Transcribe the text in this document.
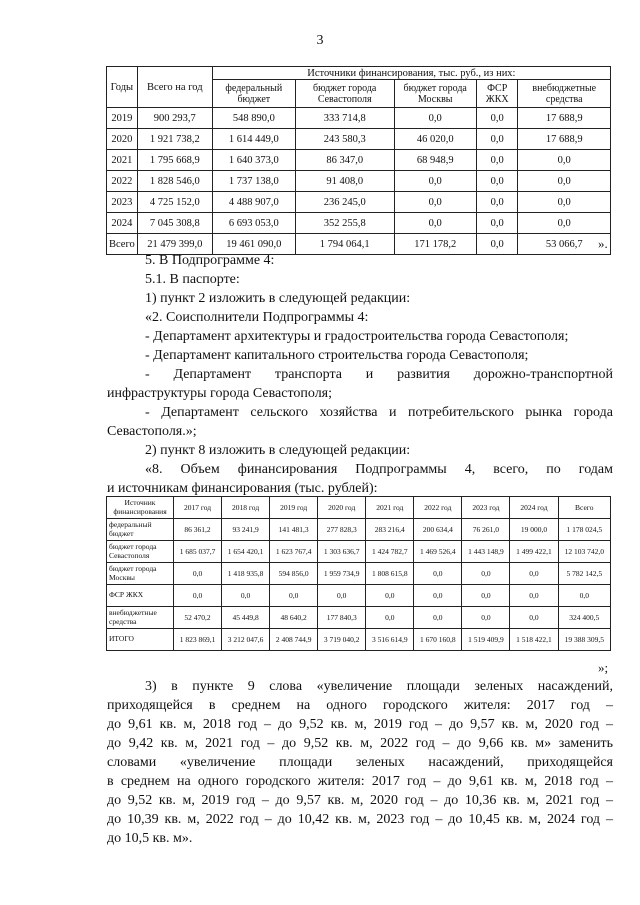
3
Годы	Всего на год	Источники финансирования, тыс. руб., из них:				
		федеральный бюджет	бюджет города Севастополя	бюджет города Москвы	ФСР ЖКХ	внебюджетные средства
2019	900 293,7	548 890,0	333 714,8	0,0	0,0	17 688,9
2020	1 921 738,2	1 614 449,0	243 580,3	46 020,0	0,0	17 688,9
2021	1 795 668,9	1 640 373,0	86 347,0	68 948,9	0,0	0,0
2022	1 828 546,0	1 737 138,0	91 408,0	0,0	0,0	0,0
2023	4 725 152,0	4 488 907,0	236 245,0	0,0	0,0	0,0
2024	7 045 308,8	6 693 053,0	352 255,8	0,0	0,0	0,0
Всего	21 479 399,0	19 461 090,0	1 794 064,1	171 178,2	0,0	53 066,7 ».
5. В Подпрограмме 4:
5.1. В паспорте:
1) пункт 2 изложить в следующей редакции:
«2. Соисполнители Подпрограммы 4:
- Департамент архитектуры и градостроительства города Севастополя;
- Департамент капитального строительства города Севастополя;
- Департамент транспорта и развития дорожно-транспортной
инфраструктуры города Севастополя;
- Департамент сельского хозяйства и потребительского рынка города
Севастополя.»;
2) пункт 8 изложить в следующей редакции:
«8. Объем финансирования Подпрограммы 4, всего, по годам
и источникам финансирования (тыс. рублей):
Источник финансирования	2017 год	2018 год	2019 год	2020 год	2021 год	2022 год	2023 год	2024 год	Всего
федеральный бюджет	86 361,2	93 241,9	141 481,3	277 828,3	283 216,4	200 634,4	76 261,0	19 000,0	1 178 024,5
бюджет города Севастополя	1 685 037,7	1 654 420,1	1 623 767,4	1 303 636,7	1 424 782,7	1 469 526,4	1 443 148,9	1 499 422,1	12 103 742,0
бюджет города Москвы	0,0	1 418 935,8	594 856,0	1 959 734,9	1 808 615,8	0,0	0,0	0,0	5 782 142,5
ФСР ЖКХ	0,0	0,0	0,0	0,0	0,0	0,0	0,0	0,0	0,0
внебюджетные средства	52 470,2	45 449,8	48 640,2	177 840,3	0,0	0,0	0,0	0,0	324 400,5
ИТОГО	1 823 869,1	3 212 047,6	2 408 744,9	3 719 040,2	3 516 614,9	1 670 160,8	1 519 409,9	1 518 422,1	19 388 309,5
»;
3) в пункте 9 слова «увеличение площади зеленых насаждений,
приходящейся в среднем на одного городского жителя: 2017 год –
до 9,61 кв. м, 2018 год – до 9,52 кв. м, 2019 год – до 9,57 кв. м, 2020 год –
до 9,42 кв. м, 2021 год – до 9,52 кв. м, 2022 год – до 9,66 кв. м» заменить
словами «увеличение площади зеленых насаждений, приходящейся
в среднем на одного городского жителя: 2017 год – до 9,61 кв. м, 2018 год –
до 9,52 кв. м, 2019 год – до 9,57 кв. м, 2020 год – до 10,36 кв. м, 2021 год –
до 10,39 кв. м, 2022 год – до 10,42 кв. м, 2023 год – до 10,45 кв. м, 2024 год –
до 10,5 кв. м».
